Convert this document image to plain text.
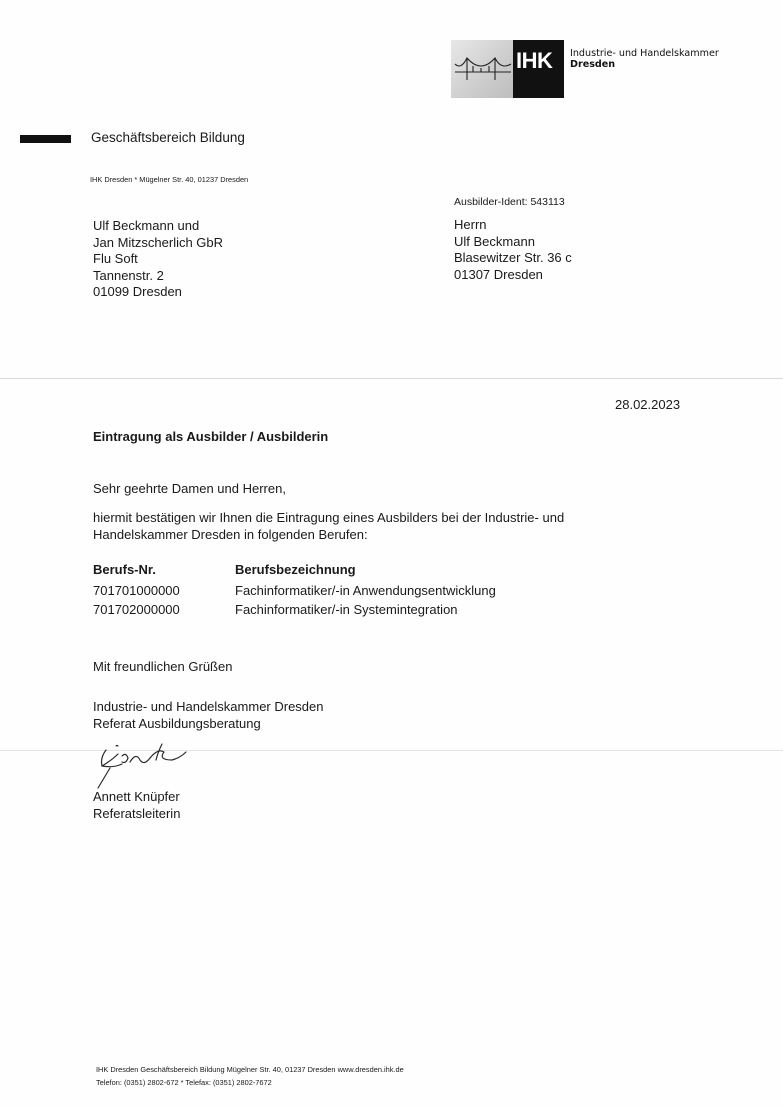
IHK	Industrie- und Handelskammer
Dresden
Geschäftsbereich Bildung
IHK Dresden * Mügelner Str. 40, 01237 Dresden
Ulf Beckmann und
Jan Mitzscherlich GbR
Flu Soft
Tannenstr. 2
01099 Dresden
Ausbilder-Ident: 543113
Herrn
Ulf Beckmann
Blasewitzer Str. 36 c
01307 Dresden
28.02.2023
Eintragung als Ausbilder / Ausbilderin
Sehr geehrte Damen und Herren,
hiermit bestätigen wir Ihnen die Eintragung eines Ausbilders bei der Industrie- und
Handelskammer Dresden in folgenden Berufen:
Berufs-Nr.	Berufsbezeichnung
701701000000	Fachinformatiker/-in Anwendungsentwicklung
701702000000	Fachinformatiker/-in Systemintegration
Mit freundlichen Grüßen
Industrie- und Handelskammer Dresden
Referat Ausbildungsberatung
Annett Knüpfer
Referatsleiterin
IHK Dresden Geschäftsbereich Bildung Mügelner Str. 40, 01237 Dresden www.dresden.ihk.de
Telefon: (0351) 2802-672 * Telefax: (0351) 2802-7672
